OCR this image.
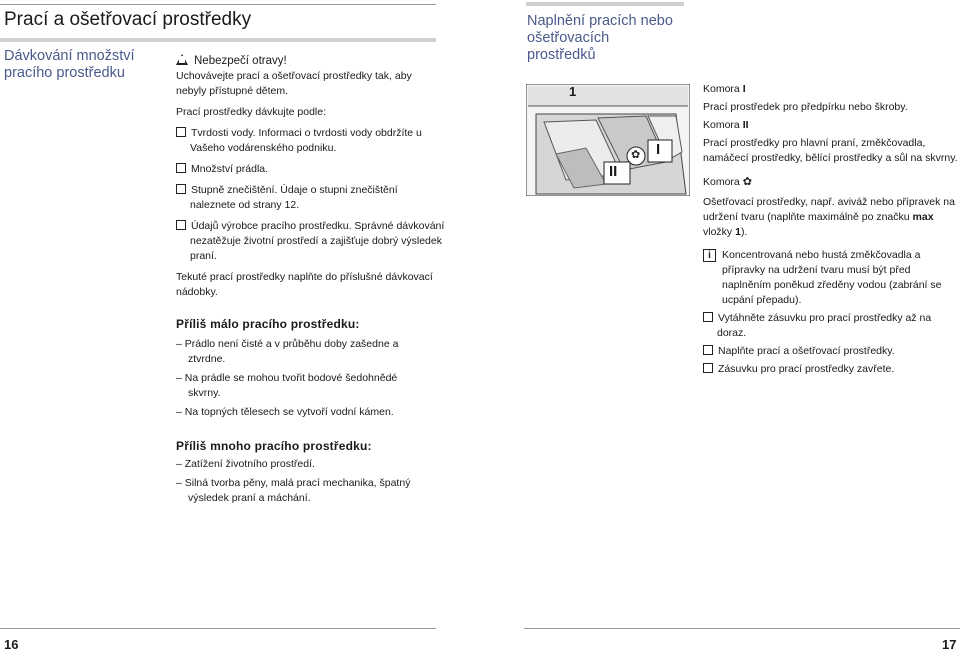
Prací a ošetřovací prostředky
Dávkování množství pracího prostředku

Nebezpečí otravy!

Uchovávejte prací a ošetřovací prostředky tak, aby nebyly přístupné dětem.

Prací prostředky dávkujte podle:

Tvrdosti vody. Informaci o tvrdosti vody obdržíte u Vašeho vodárenského podniku.

Množství prádla.

Stupně znečištění. Údaje o stupni znečištění naleznete od strany 12.

Údajů výrobce pracího prostředku. Správné dávkování nezatěžuje životní prostředí a zajišťuje dobrý výsledek praní.

Tekuté prací prostředky naplňte do příslušné dávkovací nádobky.

Příliš málo pracího prostředku:

– Prádlo není čisté a v průběhu doby zašedne a ztvrdne.

– Na prádle se mohou tvořit bodové šedohnědé skvrny.

– Na topných tělesech se vytvoří vodní kámen.

Příliš mnoho pracího prostředku:

– Zatížení životního prostředí.

– Silná tvorba pěny, malá prací mechanika, špatný výsledek praní a máchání.

16
Naplnění pracích nebo ošetřovacích prostředků
1
✿ I
II

Komora I

Prací prostředek pro předpírku nebo škroby.

Komora II

Prací prostředky pro hlavní praní, změkčovadla, namáčecí prostředky, bělící prostředky a sůl na skvrny.

Komora ✿

Ošetřovací prostředky, např. aviváž nebo přípravek na udržení tvaru (naplňte maximálně po značku max vložky 1).

i Koncentrovaná nebo hustá změkčovadla a přípravky na udržení tvaru musí být před naplněním poněkud zředěny vodou (zabrání se ucpání přepadu).

Vytáhněte zásuvku pro prací prostředky až na doraz.

Naplňte prací a ošetřovací prostředky.

Zásuvku pro prací prostředky zavřete.

17
